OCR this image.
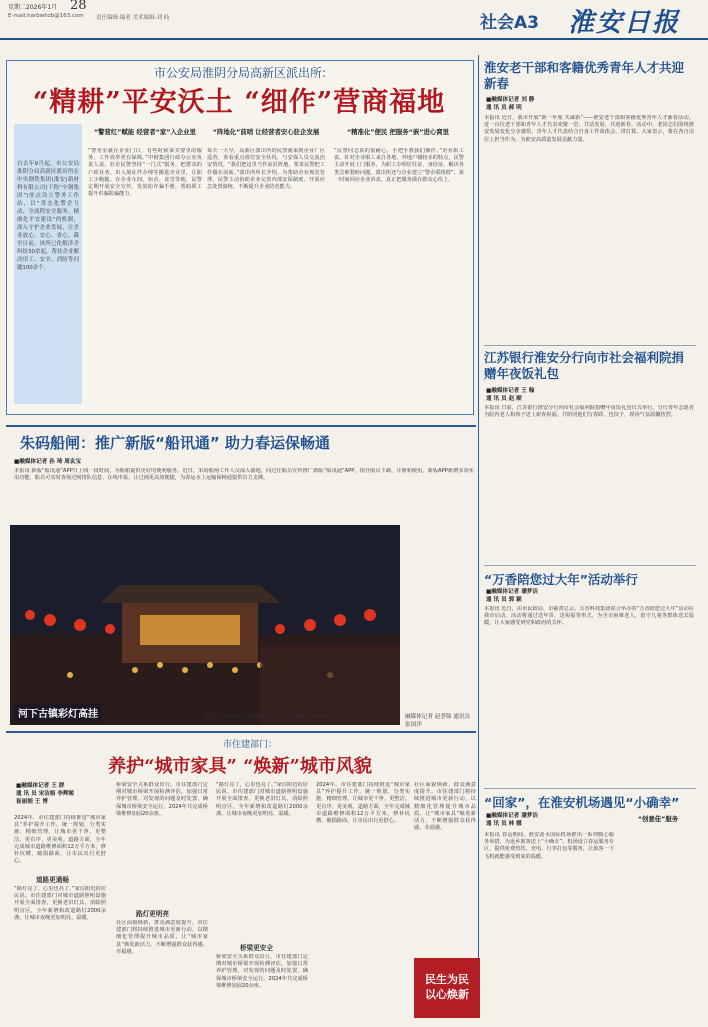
星期二 2026年1月 28
E-mail:harbwhzb@163.com 责任编辑:编者 美术编辑:刘 仙	社会A3 淮安日报
市公安局淮阴分局高新区派出所:
“精耕”平安沃土 “细作”营商福地
自去年9月起，市公安局淮阴分局高新区派出所在中央钢铁集团(淮安)新材料有限公司(下称“中钢集团”)驻点设立警务工作站，以“常态化警企互动、全流程安全服务、精细化平安建设”的机制，深入守护企业发展，让企业放心、安心、省心。截至目前，该所已化解涉企纠纷30余起，帮扶企业解决用工、安全、消防等问题100余个。
“警营红”赋能 经营者“家”入企业里
“警务室就在企业门口，有些时候来买警里的服务，工作效率更有保障。”中钢集团行政办公室负责人说。驻企民警坚持“一门式”服务，把群众的户政业务、出入境证件办理等搬进企业里，让职工少跑腿。在企业车间、宿舍、食堂等地，民警定期开展安全宣传，发放防诈骗手册，帮助职工提升识骗防骗能力。
“阵地化”前哨 让经营者安心驻企发展
每天一大早，高新区派出所的民警就来到企业厂区巡查，查看重点部位安全状况，与安保人员交流治安情况。“我们把这里当作前沿阵地，要求民警把工作做在前面。”派出所所长介绍。为帮助企业规范管理，民警主动协助企业完善内部安保制度，开展应急处置演练，不断提升企业防范能力。
“精准化”便民 把服务“嵌”进心窝里
“民警同志真的很耐心，手把手教我们操作。”企业职工说。针对企业职工来自各地、外地户籍较多的特点，民警主动开展上门服务，为职工办理居住证、身份证，解决各类急难愁盼问题。派出所还与企业建立“警企联络群”，第一时间回应企业诉求，真正把服务做在群众心坎上。
淮安老干部和客籍优秀青年人才共迎新春
■融媒体记者 刘 静
通 讯 员 郝 明
本报讯 近日，我市开展“新一年度 共谋新”——淮安老干部和客籍优秀青年人才新春活动。近一百位老干部和青年人才代表欢聚一堂，共话发展、共迎新春。活动中，老同志们围绕淮安发展变化分享感悟，青年人才代表结合自身工作谈体会、讲打算。大家表示，将在各自岗位上担当作为，为淮安高质量发展贡献力量。
江苏银行淮安分行向市社会福利院捐赠年夜饭礼包
■融媒体记者 王 翰
通 讯 员 赵 顺
本报讯 日前，江苏银行淮安分行向市社会福利院捐赠年夜饭礼包仪式举行。分行青年志愿者为院内老人和孩子送上新春祝福，并陪同他们写春联、包饺子，现场气氛温馨热烈。
“万香陪您过大年”活动举行
■融媒体记者 潘梦洁
通 讯 员 郭 颖
本报讯 近日，由市民政局、市慈善总会、万香科技集团联合举办的“万香陪您过大年”活动在我市启动。活动将通过送年货、送祝福等形式，为全市困难老人、留守儿童等群体送去温暖，让大家感受到党和政府的关怀。
“回家”，在淮安机场遇见“小确幸”
■融媒体记者 潘梦洁
通 讯 员 林 娜
本报讯 春运期间，淮安涟水国际机场推出一系列暖心服务举措，为返乡旅客送上“小确幸”。机场设立春运服务专区，提供免费热饮、充电、行李打包等服务，让旅客一下飞机就能感受到家的温暖。
“创意佳”服务
朱码船闸：推广新版“船讯通” 助力春运保畅通
■融媒体记者 孙 琦 周玄宝
本报讯 新版“船讯通”APP日上线一段时间，为船舶提供更好的便利服务。近日，朱码船闸工作人员深入锚地，向过往船员宣传推广新版“船讯通”APP，指导船员下载、注册和使用。新版APP新增多项实用功能，船员可实时查询过闸排队信息、在线申报，让过闸更高效便捷，为春运水上运输保畅通提供有力支撑。
河下古镇彩灯高挂	近日，千年河下古镇彩灯高挂，灯光璀璨，年味浓。	融媒体记者 赵荟锦 通讯员 张国洋
市住建部门：
养护“城市家具” “焕新”城市风貌
■融媒体记者 王 群
通 讯 员 宋洁娟 李辉姬
崔丽娟 王 博
2024年，市住建部门持续推进“城市家具”养护提升工作。统一规划、分类实施、精细管理，让城市更干净、更整洁、更有序、更美观。道路方面，全年完成城市道路维修面积12万平方米，修补坑槽、破损路面，让市民出行更舒心。
道路更通畅
“路灯亮了，心里也亮了。”家住附近的居民说。市住建部门对城市道路照明设施开展全面排查，更换老旧灯具，消除照明盲区，全年新增和改造路灯2000余盏，让城市夜晚更加明亮、温暖。
桥梁安全关系群众出行。市住建部门定期对城市桥梁开展检测评估，加强日常养护管理，对发现的问题及时处置，确保城市桥梁安全运行。2024年共完成桥梁维修加固20余座。
路灯更明亮
社区面貌焕新，群众满意度提升。市住建部门将持续推进城市更新行动，以精细化管理提升城市品质，让“城市家具”焕发新活力，不断增强群众获得感、幸福感。
“路灯亮了，心里也亮了。”家住附近的居民说。市住建部门对城市道路照明设施开展全面排查，更换老旧灯具，消除照明盲区，全年新增和改造路灯2000余盏，让城市夜晚更加明亮、温暖。
桥梁更安全
桥梁安全关系群众出行。市住建部门定期对城市桥梁开展检测评估，加强日常养护管理，对发现的问题及时处置，确保城市桥梁安全运行。2024年共完成桥梁维修加固20余座。
2024年，市住建部门持续推进“城市家具”养护提升工作。统一规划、分类实施、精细管理，让城市更干净、更整洁、更有序、更美观。道路方面，全年完成城市道路维修面积12万平方米，修补坑槽、破损路面，让市民出行更舒心。
社区面貌焕新，群众满意度提升。市住建部门将持续推进城市更新行动，以精细化管理提升城市品质，让“城市家具”焕发新活力，不断增强群众获得感、幸福感。
民生为民
以心焕新
